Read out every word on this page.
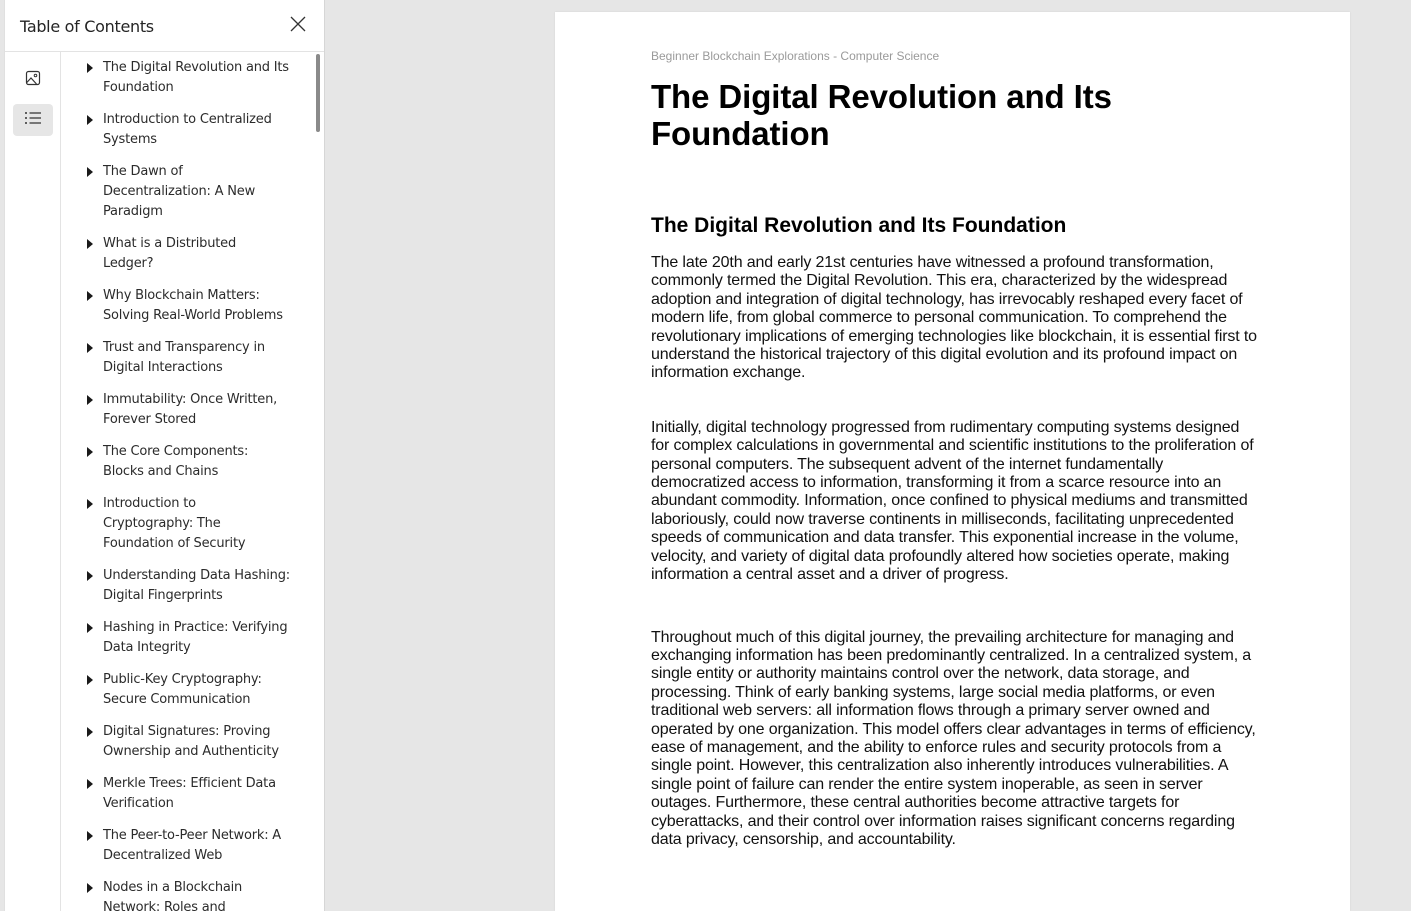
Table of Contents
The Digital Revolution and Its Foundation
Introduction to Centralized Systems
The Dawn of Decentralization: A New Paradigm
What is a Distributed Ledger?
Why Blockchain Matters: Solving Real-World Problems
Trust and Transparency in Digital Interactions
Immutability: Once Written, Forever Stored
The Core Components: Blocks and Chains
Introduction to Cryptography: The Foundation of Security
Understanding Data Hashing: Digital Fingerprints
Hashing in Practice: Verifying Data Integrity
Public-Key Cryptography: Secure Communication
Digital Signatures: Proving Ownership and Authenticity
Merkle Trees: Efficient Data Verification
The Peer-to-Peer Network: A Decentralized Web
Nodes in a Blockchain Network: Roles and
Beginner Blockchain Explorations - Computer Science
The Digital Revolution and Its Foundation
The Digital Revolution and Its Foundation

The late 20th and early 21st centuries have witnessed a profound transformation, commonly termed the Digital Revolution. This era, characterized by the widespread adoption and integration of digital technology, has irrevocably reshaped every facet of modern life, from global commerce to personal communication. To comprehend the revolutionary implications of emerging technologies like blockchain, it is essential first to understand the historical trajectory of this digital evolution and its profound impact on information exchange.

Initially, digital technology progressed from rudimentary computing systems designed for complex calculations in governmental and scientific institutions to the proliferation of personal computers. The subsequent advent of the internet fundamentally democratized access to information, transforming it from a scarce resource into an abundant commodity. Information, once confined to physical mediums and transmitted laboriously, could now traverse continents in milliseconds, facilitating unprecedented speeds of communication and data transfer. This exponential increase in the volume, velocity, and variety of digital data profoundly altered how societies operate, making information a central asset and a driver of progress.

Throughout much of this digital journey, the prevailing architecture for managing and exchanging information has been predominantly centralized. In a centralized system, a single entity or authority maintains control over the network, data storage, and processing. Think of early banking systems, large social media platforms, or even traditional web servers: all information flows through a primary server owned and operated by one organization. This model offers clear advantages in terms of efficiency, ease of management, and the ability to enforce rules and security protocols from a single point. However, this centralization also inherently introduces vulnerabilities. A single point of failure can render the entire system inoperable, as seen in server outages. Furthermore, these central authorities become attractive targets for cyberattacks, and their control over information raises significant concerns regarding data privacy, censorship, and accountability.
